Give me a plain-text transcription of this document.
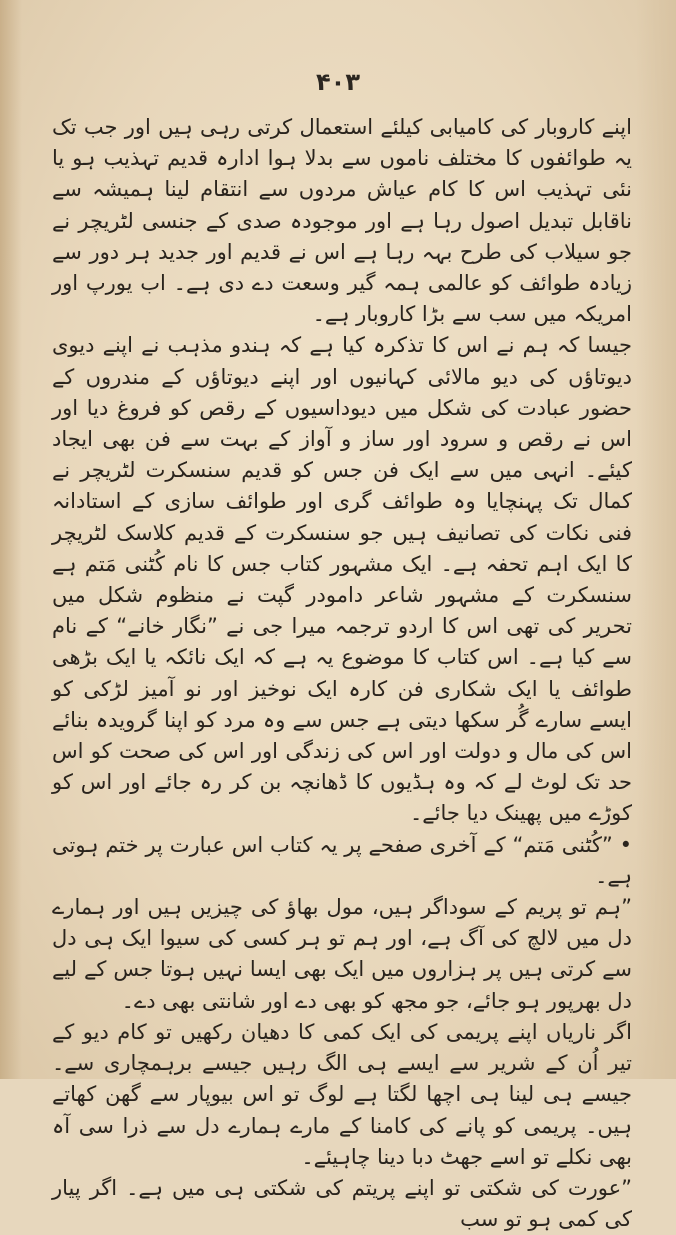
۴۰۳

اپنے کاروبار کی کامیابی کیلئے استعمال کرتی رہی ہیں اور جب تک یہ طوائفوں کا مختلف ناموں سے بدلا ہوا ادارہ قدیم تہذیب ہو یا نئی تہذیب اس کا کام عیاش مردوں سے انتقام لینا ہمیشہ سے ناقابل تبدیل اصول رہا ہے اور موجودہ صدی کے جنسی لٹریچر نے جو سیلاب کی طرح بہہ رہا ہے اس نے قدیم اور جدید ہر دور سے زیادہ طوائف کو عالمی ہمہ گیر وسعت دے دی ہے۔ اب یورپ اور امریکہ میں سب سے بڑا کاروبار ہے۔

جیسا کہ ہم نے اس کا تذکرہ کیا ہے کہ ہندو مذہب نے اپنے دیوی دیوتاؤں کی دیو مالائی کہانیوں اور اپنے دیوتاؤں کے مندروں کے حضور عبادت کی شکل میں دیوداسیوں کے رقص کو فروغ دیا اور اس نے رقص و سرود اور ساز و آواز کے بہت سے فن بھی ایجاد کیئے۔ انہی میں سے ایک فن جس کو قدیم سنسکرت لٹریچر نے کمال تک پہنچایا وہ طوائف گری اور طوائف سازی کے استادانہ فنی نکات کی تصانیف ہیں جو سنسکرت کے قدیم کلاسک لٹریچر کا ایک اہم تحفہ ہے۔ ایک مشہور کتاب جس کا نام کُٹنی مَتم ہے سنسکرت کے مشہور شاعر دامودر گپت نے منظوم شکل میں تحریر کی تھی اس کا اردو ترجمہ میرا جی نے ”نگار خانے“ کے نام سے کیا ہے۔ اس کتاب کا موضوع یہ ہے کہ ایک نائکہ یا ایک بڑھی طوائف یا ایک شکاری فن کارہ ایک نوخیز اور نو آمیز لڑکی کو ایسے سارے گُر سکھا دیتی ہے جس سے وہ مرد کو اپنا گرویدہ بنائے اس کی مال و دولت اور اس کی زندگی اور اس کی صحت کو اس حد تک لوٹ لے کہ وہ ہڈیوں کا ڈھانچہ بن کر رہ جائے اور اس کو کوڑے میں پھینک دیا جائے۔

• ”کُٹنی مَتم“ کے آخری صفحے پر یہ کتاب اس عبارت پر ختم ہوتی ہے۔

”ہم تو پریم کے سوداگر ہیں، مول بھاؤ کی چیزیں ہیں اور ہمارے دل میں لالچ کی آگ ہے، اور ہم تو ہر کسی کی سیوا ایک ہی دل سے کرتی ہیں پر ہزاروں میں ایک بھی ایسا نہیں ہوتا جس کے لیے دل بھرپور ہو جائے، جو مجھ کو بھی دے اور شانتی بھی دے۔

اگر ناریاں اپنے پریمی کی ایک کمی کا دھیان رکھیں تو کام دیو کے تیر اُن کے شریر سے ایسے ہی الگ رہیں جیسے برہمچاری سے۔ جیسے ہی لینا ہی اچھا لگتا ہے لوگ تو اس بیوپار سے گھن کھاتے ہیں۔ پریمی کو پانے کی کامنا کے مارے ہمارے دل سے ذرا سی آہ بھی نکلے تو اسے جھٹ دبا دینا چاہیئے۔

”عورت کی شکتی تو اپنے پریتم کی شکتی ہی میں ہے۔ اگر پیار کی کمی ہو تو سب
